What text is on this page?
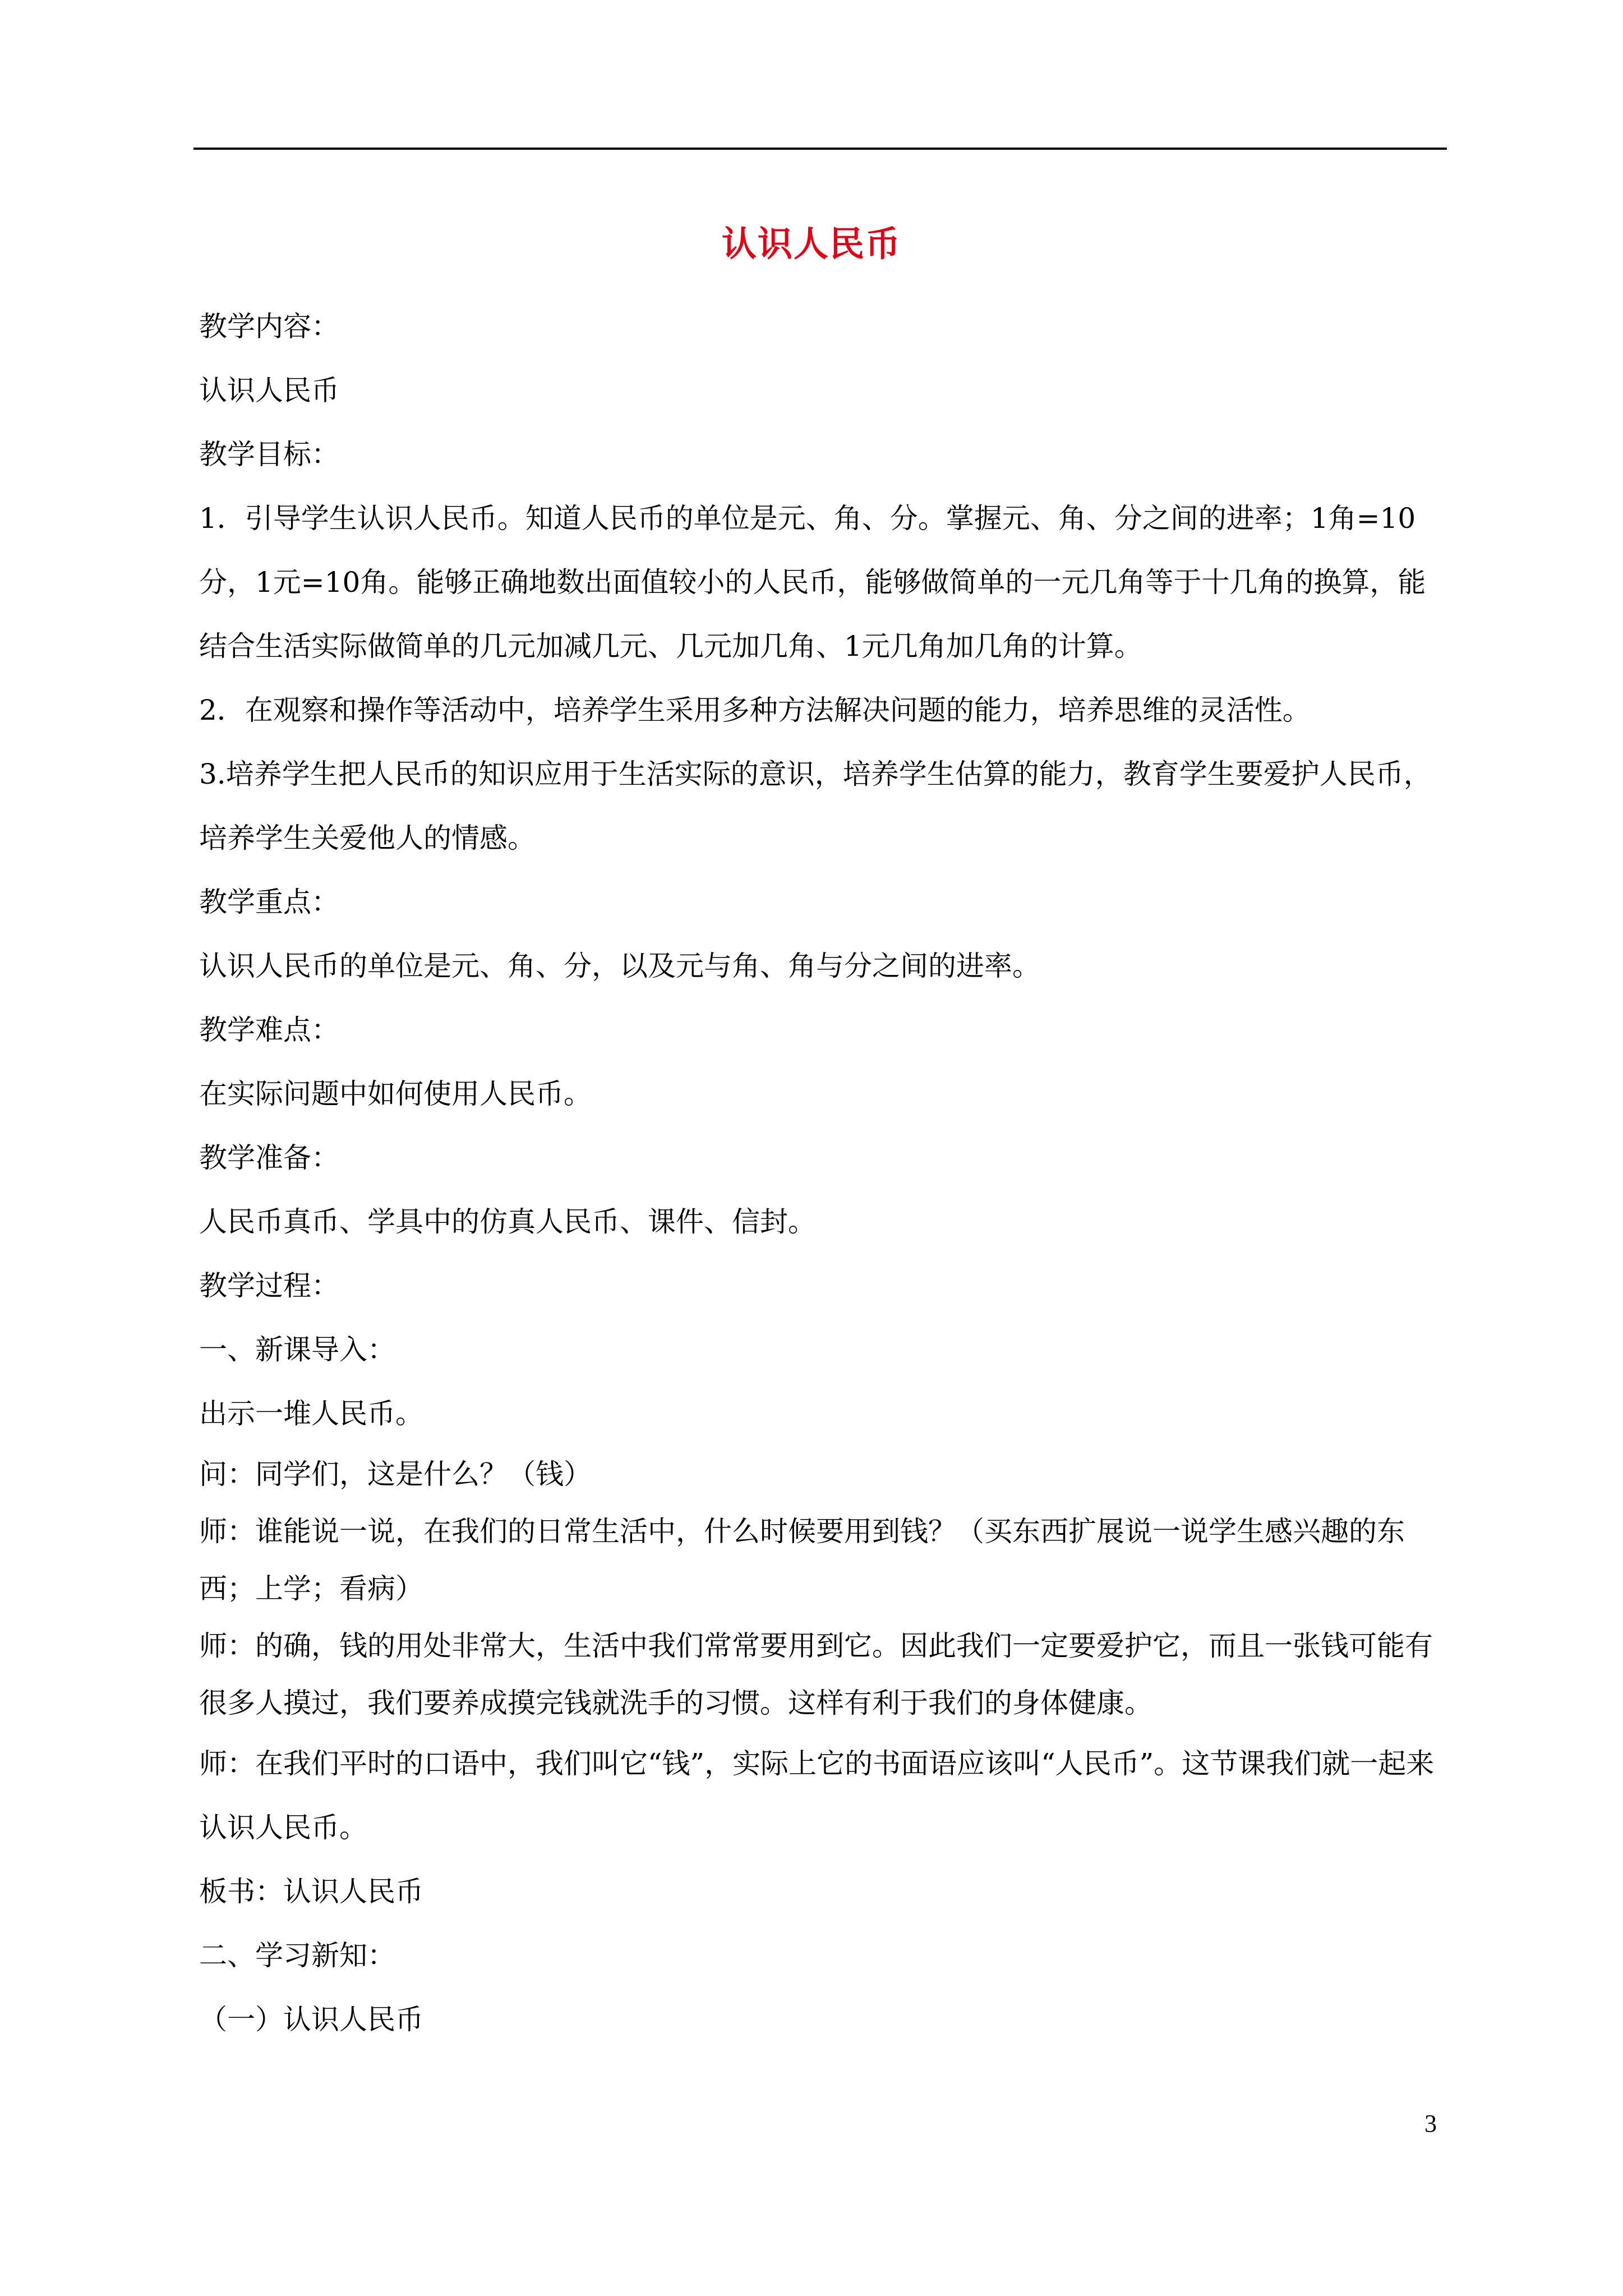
认识人民币

教学内容：

认识人民币

教学目标：

1．引导学生认识人民币。知道人民币的单位是元、角、分。掌握元、角、分之间的进率；1角=10分，1元=10角。能够正确地数出面值较小的人民币，能够做简单的一元几角等于十几角的换算，能结合生活实际做简单的几元加减几元、几元加几角、1元几角加几角的计算。

2．在观察和操作等活动中，培养学生采用多种方法解决问题的能力，培养思维的灵活性。

3.培养学生把人民币的知识应用于生活实际的意识，培养学生估算的能力，教育学生要爱护人民币，培养学生关爱他人的情感。

教学重点：

认识人民币的单位是元、角、分，以及元与角、角与分之间的进率。

教学难点：

在实际问题中如何使用人民币。

教学准备：

人民币真币、学具中的仿真人民币、课件、信封。

教学过程：

一、新课导入：

出示一堆人民币。

问：同学们，这是什么？（钱）

师：谁能说一说，在我们的日常生活中，什么时候要用到钱？（买东西扩展说一说学生感兴趣的东西；上学；看病）

师：的确，钱的用处非常大，生活中我们常常要用到它。因此我们一定要爱护它，而且一张钱可能有很多人摸过，我们要养成摸完钱就洗手的习惯。这样有利于我们的身体健康。

师：在我们平时的口语中，我们叫它“钱”，实际上它的书面语应该叫“人民币”。这节课我们就一起来认识人民币。

板书：认识人民币

二、学习新知：

（一）认识人民币

3
